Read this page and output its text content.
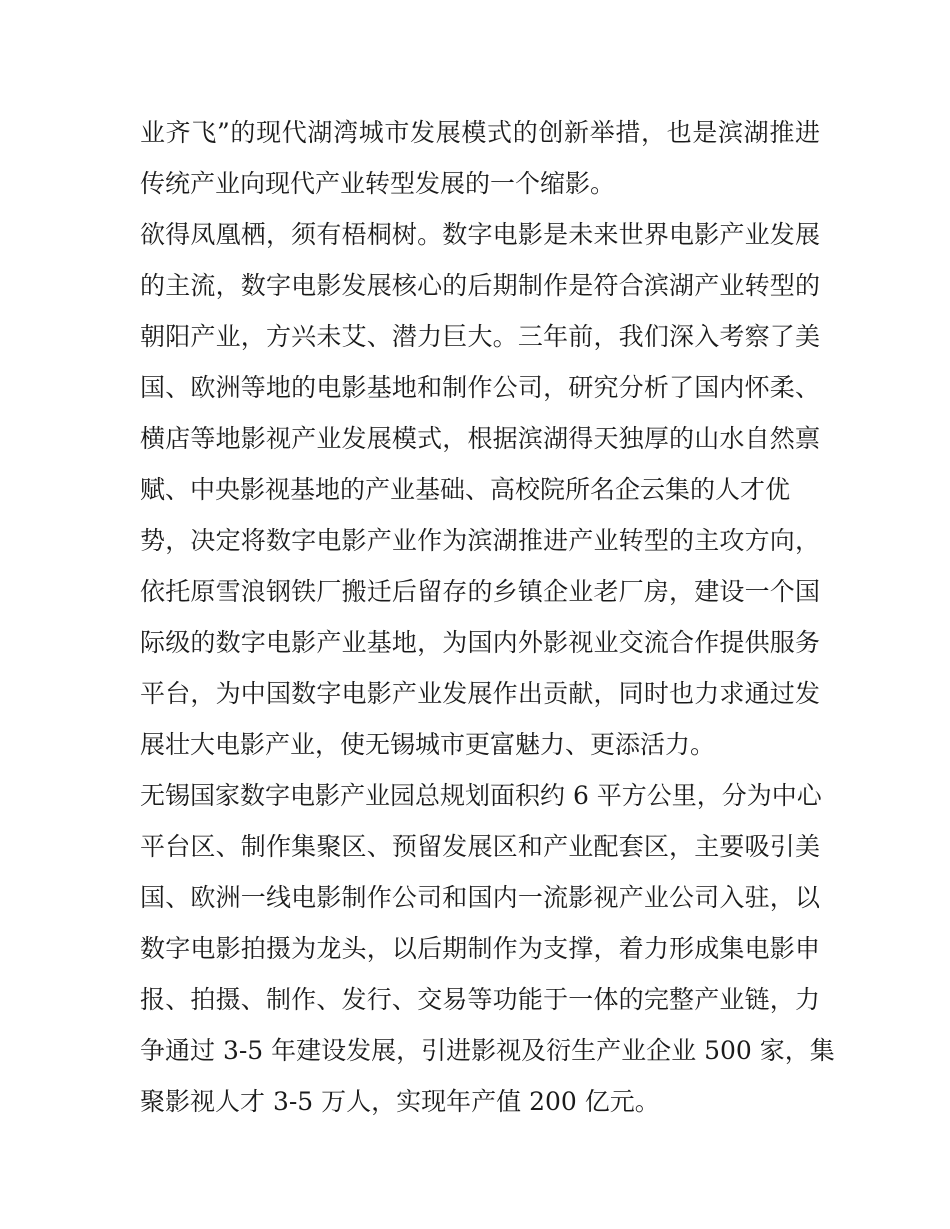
业齐飞”的现代湖湾城市发展模式的创新举措，也是滨湖推进
传统产业向现代产业转型发展的一个缩影。
欲得凤凰栖，须有梧桐树。数字电影是未来世界电影产业发展
的主流，数字电影发展核心的后期制作是符合滨湖产业转型的
朝阳产业，方兴未艾、潜力巨大。三年前，我们深入考察了美
国、欧洲等地的电影基地和制作公司，研究分析了国内怀柔、
横店等地影视产业发展模式，根据滨湖得天独厚的山水自然禀
赋、中央影视基地的产业基础、高校院所名企云集的人才优
势，决定将数字电影产业作为滨湖推进产业转型的主攻方向，
依托原雪浪钢铁厂搬迁后留存的乡镇企业老厂房，建设一个国
际级的数字电影产业基地，为国内外影视业交流合作提供服务
平台，为中国数字电影产业发展作出贡献，同时也力求通过发
展壮大电影产业，使无锡城市更富魅力、更添活力。
无锡国家数字电影产业园总规划面积约 6 平方公里，分为中心
平台区、制作集聚区、预留发展区和产业配套区，主要吸引美
国、欧洲一线电影制作公司和国内一流影视产业公司入驻，以
数字电影拍摄为龙头，以后期制作为支撑，着力形成集电影申
报、拍摄、制作、发行、交易等功能于一体的完整产业链，力
争通过 3-5 年建设发展，引进影视及衍生产业企业 500 家，集
聚影视人才 3-5 万人，实现年产值 200 亿元。
